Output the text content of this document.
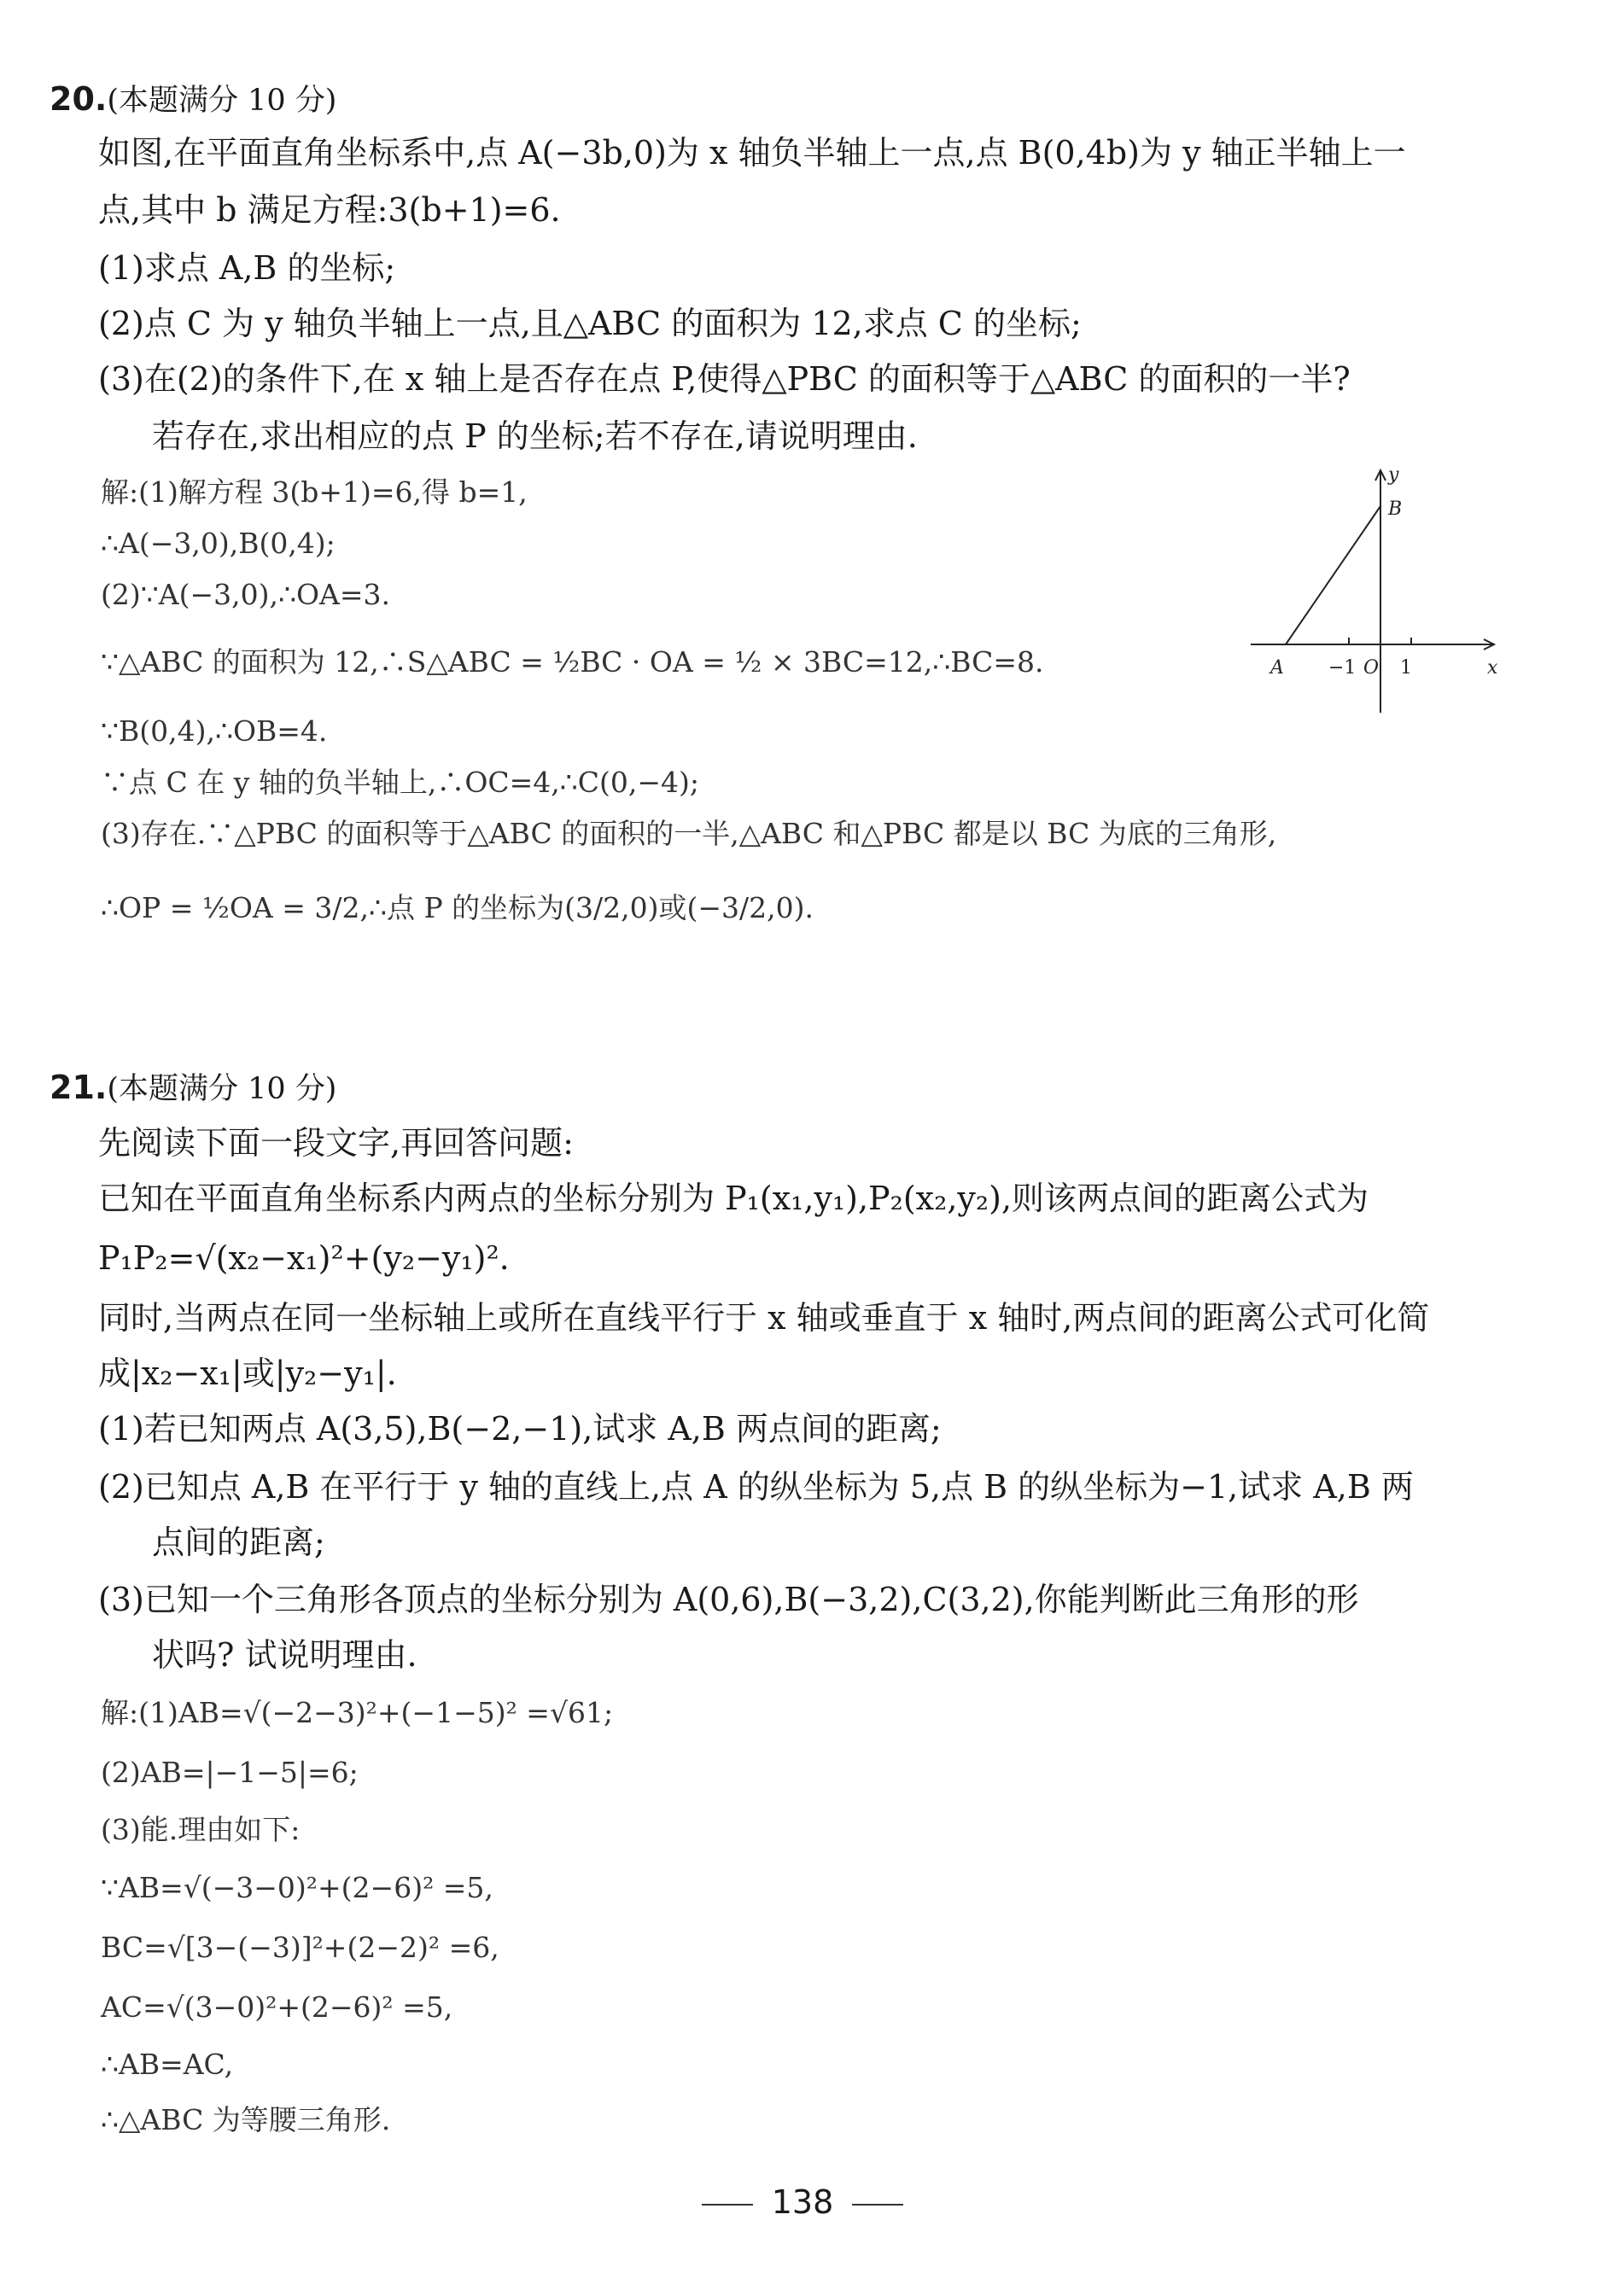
20.(本题满分 10 分)
如图,在平面直角坐标系中,点 A(−3b,0)为 x 轴负半轴上一点,点 B(0,4b)为 y 轴正半轴上一
点,其中 b 满足方程:3(b+1)=6.
(1)求点 A,B 的坐标;
(2)点 C 为 y 轴负半轴上一点,且△ABC 的面积为 12,求点 C 的坐标;
(3)在(2)的条件下,在 x 轴上是否存在点 P,使得△PBC 的面积等于△ABC 的面积的一半?
若存在,求出相应的点 P 的坐标;若不存在,请说明理由.
解:(1)解方程 3(b+1)=6,得 b=1,
∴A(−3,0),B(0,4);
(2)∵A(−3,0),∴OA=3.
∵△ABC 的面积为 12,∴S△ABC = ½BC · OA = ½ × 3BC=12,∴BC=8.
∵B(0,4),∴OB=4.
∵点 C 在 y 轴的负半轴上,∴OC=4,∴C(0,−4);
(3)存在.∵△PBC 的面积等于△ABC 的面积的一半,△ABC 和△PBC 都是以 BC 为底的三角形,
∴OP = ½OA = 3/2,∴点 P 的坐标为(3/2,0)或(−3/2,0).
y
x
B
A	O
−1 1
21.(本题满分 10 分)
先阅读下面一段文字,再回答问题:
已知在平面直角坐标系内两点的坐标分别为 P₁(x₁,y₁),P₂(x₂,y₂),则该两点间的距离公式为
P₁P₂=√(x₂−x₁)²+(y₂−y₁)².
同时,当两点在同一坐标轴上或所在直线平行于 x 轴或垂直于 x 轴时,两点间的距离公式可化简
成|x₂−x₁|或|y₂−y₁|.
(1)若已知两点 A(3,5),B(−2,−1),试求 A,B 两点间的距离;
(2)已知点 A,B 在平行于 y 轴的直线上,点 A 的纵坐标为 5,点 B 的纵坐标为−1,试求 A,B 两
点间的距离;
(3)已知一个三角形各顶点的坐标分别为 A(0,6),B(−3,2),C(3,2),你能判断此三角形的形
状吗? 试说明理由.
解:(1)AB=√(−2−3)²+(−1−5)² =√61;
(2)AB=|−1−5|=6;
(3)能.理由如下:
∵AB=√(−3−0)²+(2−6)² =5,
BC=√[3−(−3)]²+(2−2)² =6,
AC=√(3−0)²+(2−6)² =5,
∴AB=AC,
∴△ABC 为等腰三角形.
138
